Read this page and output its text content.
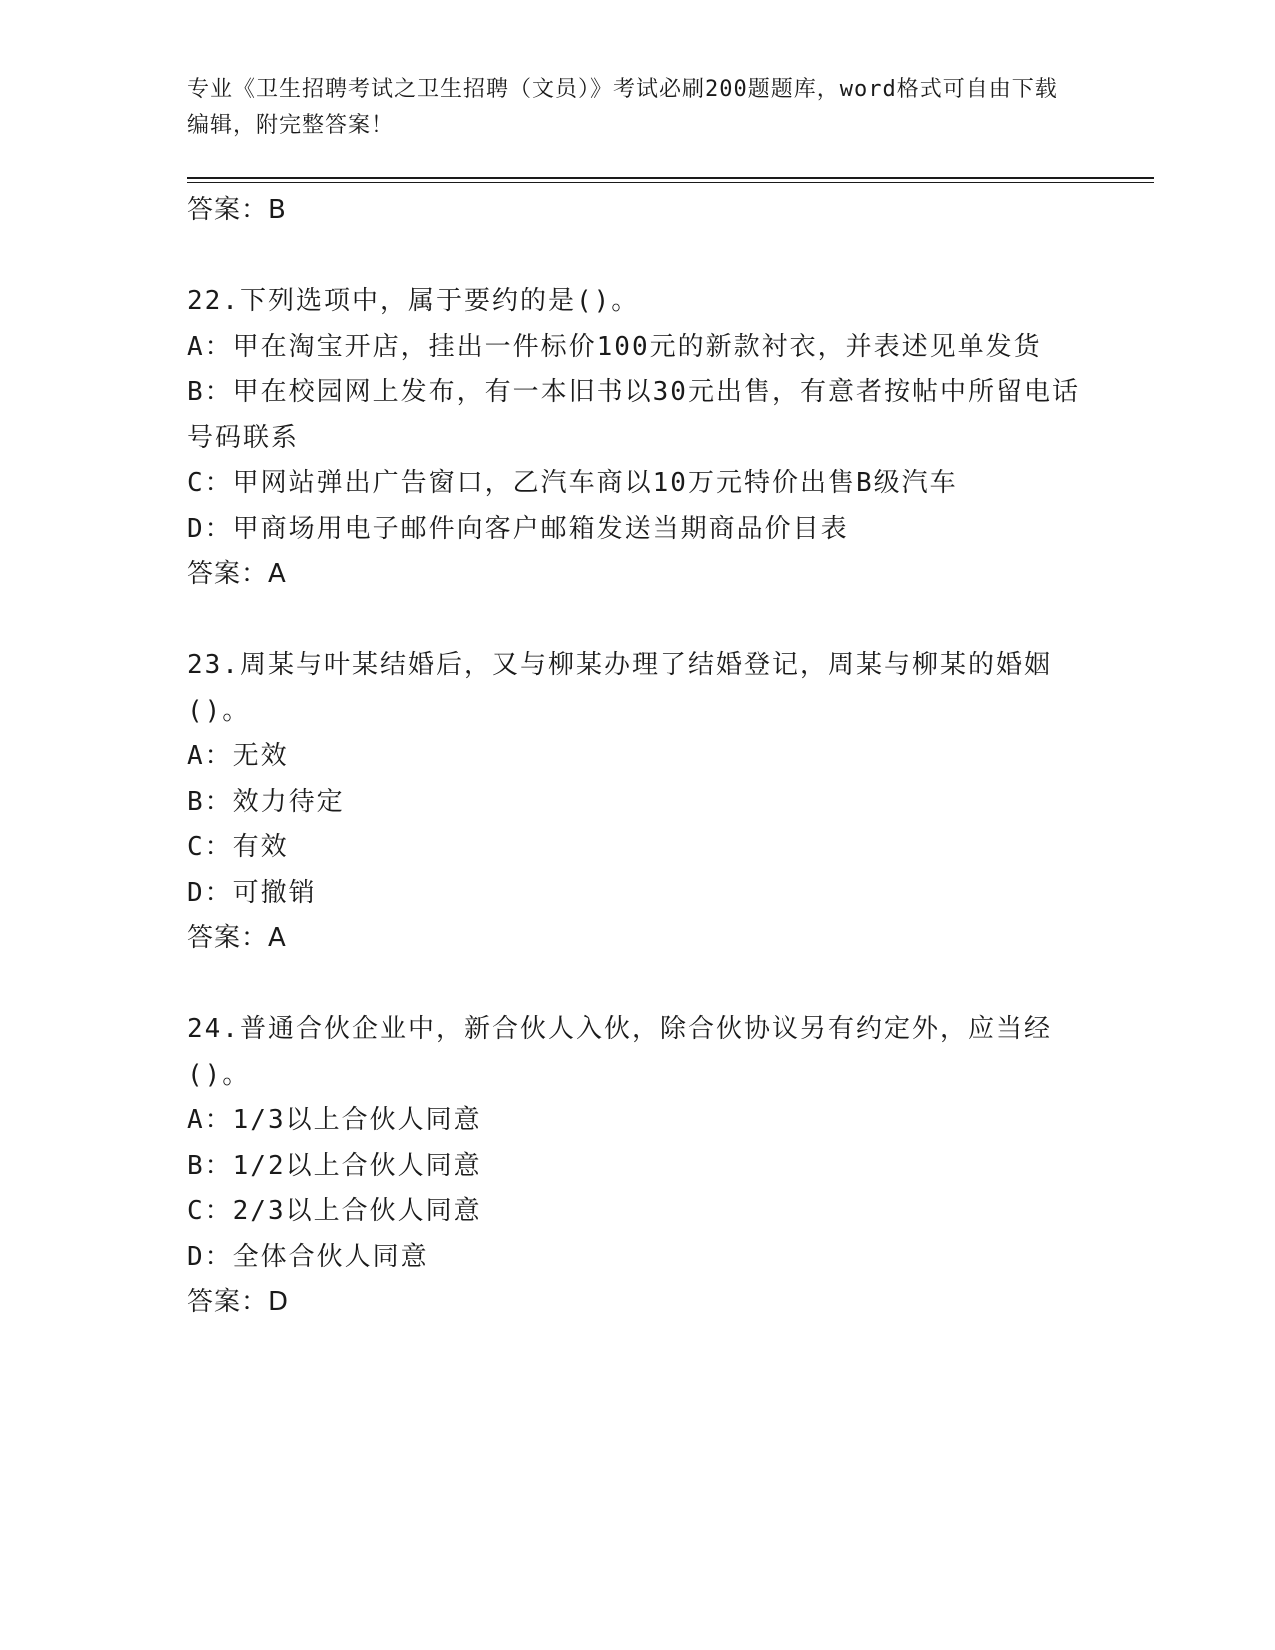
专业《卫生招聘考试之卫生招聘（文员）》考试必刷200题题库，word格式可自由下载编辑，附完整答案！
答案：B
22.下列选项中，属于要约的是()。
A：甲在淘宝开店，挂出一件标价100元的新款衬衣，并表述见单发货
B：甲在校园网上发布，有一本旧书以30元出售，有意者按帖中所留电话号码联系
C：甲网站弹出广告窗口，乙汽车商以10万元特价出售B级汽车
D：甲商场用电子邮件向客户邮箱发送当期商品价目表
答案：A
23.周某与叶某结婚后，又与柳某办理了结婚登记，周某与柳某的婚姻()。
A：无效
B：效力待定
C：有效
D：可撤销
答案：A
24.普通合伙企业中，新合伙人入伙，除合伙协议另有约定外，应当经()。
A：1/3以上合伙人同意
B：1/2以上合伙人同意
C：2/3以上合伙人同意
D：全体合伙人同意
答案：D
